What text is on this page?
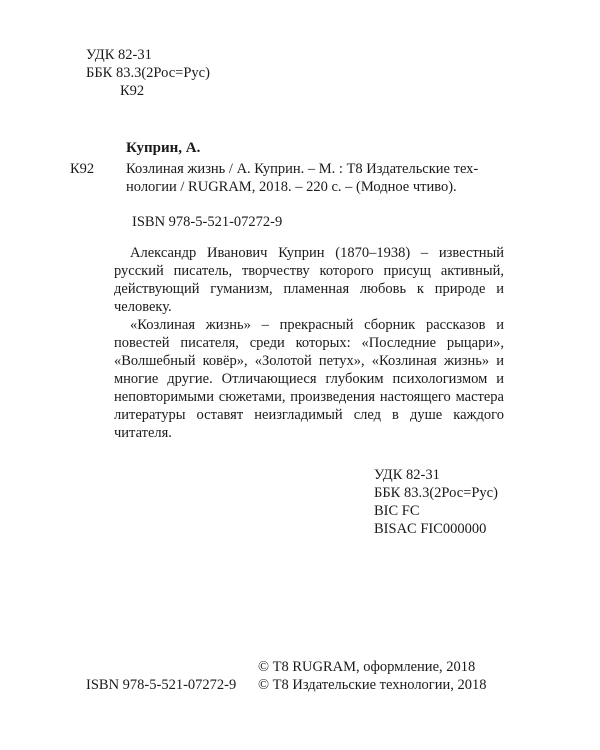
УДК 82-31
ББК 83.3(2Рос=Рус)
К92
Куприн, А.
К92 Козлиная жизнь / А. Куприн. – М. : Т8 Издательские тех-
нологии / RUGRAM, 2018. – 220 с. – (Модное чтиво).
ISBN 978-5-521-07272-9

Александр Иванович Куприн (1870–1938) – известный русский писатель, творчеству которого присущ активный, действующий гуманизм, пламенная любовь к природе и человеку.

«Козлиная жизнь» – прекрасный сборник рассказов и повестей писателя, среди которых: «Последние рыцари», «Волшебный ковёр», «Золотой петух», «Козлиная жизнь» и многие другие. Отличающиеся глубоким психологизмом и неповторимыми сюжетами, произведения настоящего мастера литературы оставят неизгладимый след в душе каждого читателя.

УДК 82-31
ББК 83.3(2Рос=Рус)
BIC FC
BISAC FIC000000
© Т8 RUGRAM, оформление, 2018
© Т8 Издательские технологии, 2018
ISBN 978-5-521-07272-9
